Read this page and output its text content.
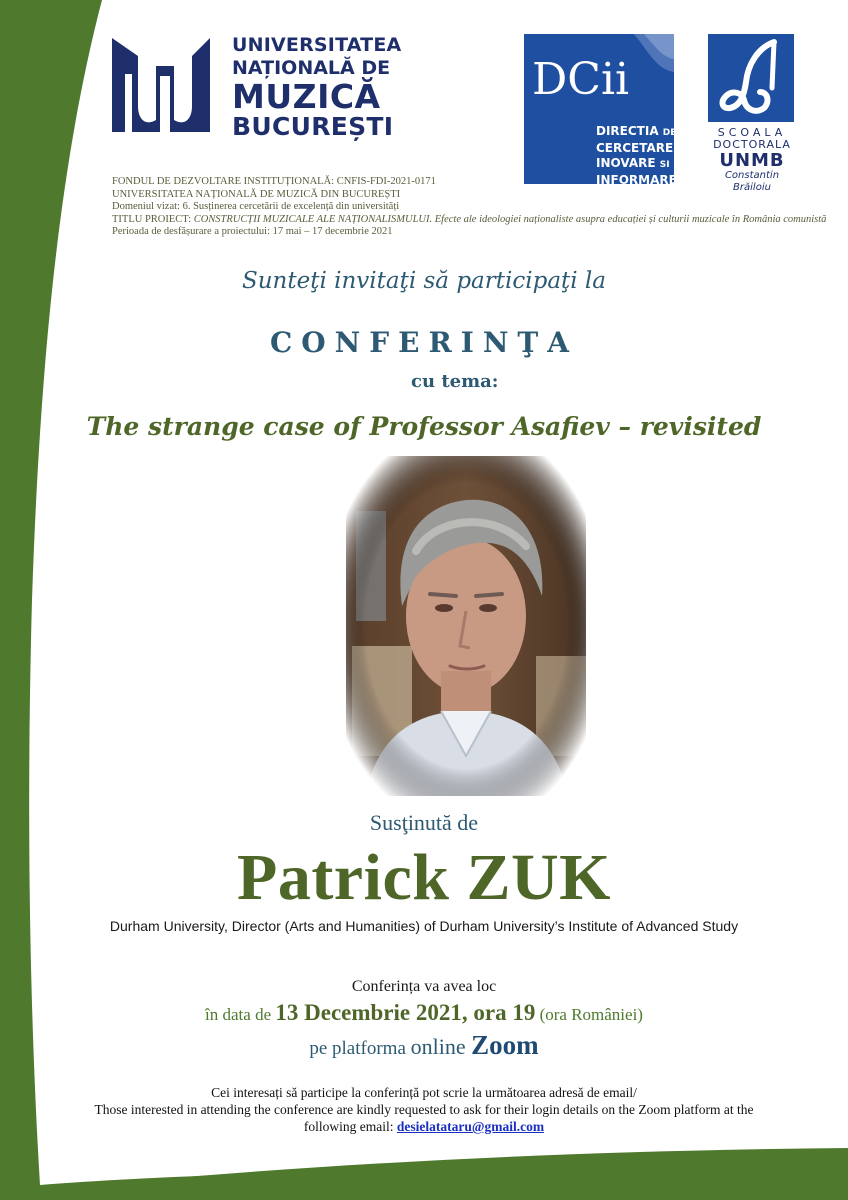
UNIVERSITATEA
NAȚIONALĂ DE
MUZICĂ
BUCUREȘTI
DCii
DIRECTIA DE
CERCETARE
INOVARE SI
INFORMARE
SCOALA
DOCTORALA
UNMB
Constantin Brăiloiu
FONDUL DE DEZVOLTARE INSTITUȚIONALĂ: CNFIS-FDI-2021-0171
UNIVERSITATEA NAȚIONALĂ DE MUZICĂ DIN BUCUREȘTI
Domeniul vizat: 6. Susținerea cercetării de excelență din universități
TITLU PROIECT: CONSTRUCȚII MUZICALE ALE NAȚIONALISMULUI. Efecte ale ideologiei naționaliste asupra educației și culturii muzicale în România comunistă
Perioada de desfășurare a proiectului: 17 mai – 17 decembrie 2021
Sunteţi invitaţi să participaţi la
CONFERINŢA
cu tema:
The strange case of Professor Asafiev – revisited
Susţinută de
Patrick ZUK
Durham University, Director (Arts and Humanities) of Durham University’s Institute of Advanced Study
Conferința va avea loc
în data de 13 Decembrie 2021, ora 19 (ora României)
pe platforma online Zoom
Cei interesați să participe la conferință pot scrie la următoarea adresă de email/
Those interested in attending the conference are kindly requested to ask for their login details on the Zoom platform at the
following email: desielatataru@gmail.com
